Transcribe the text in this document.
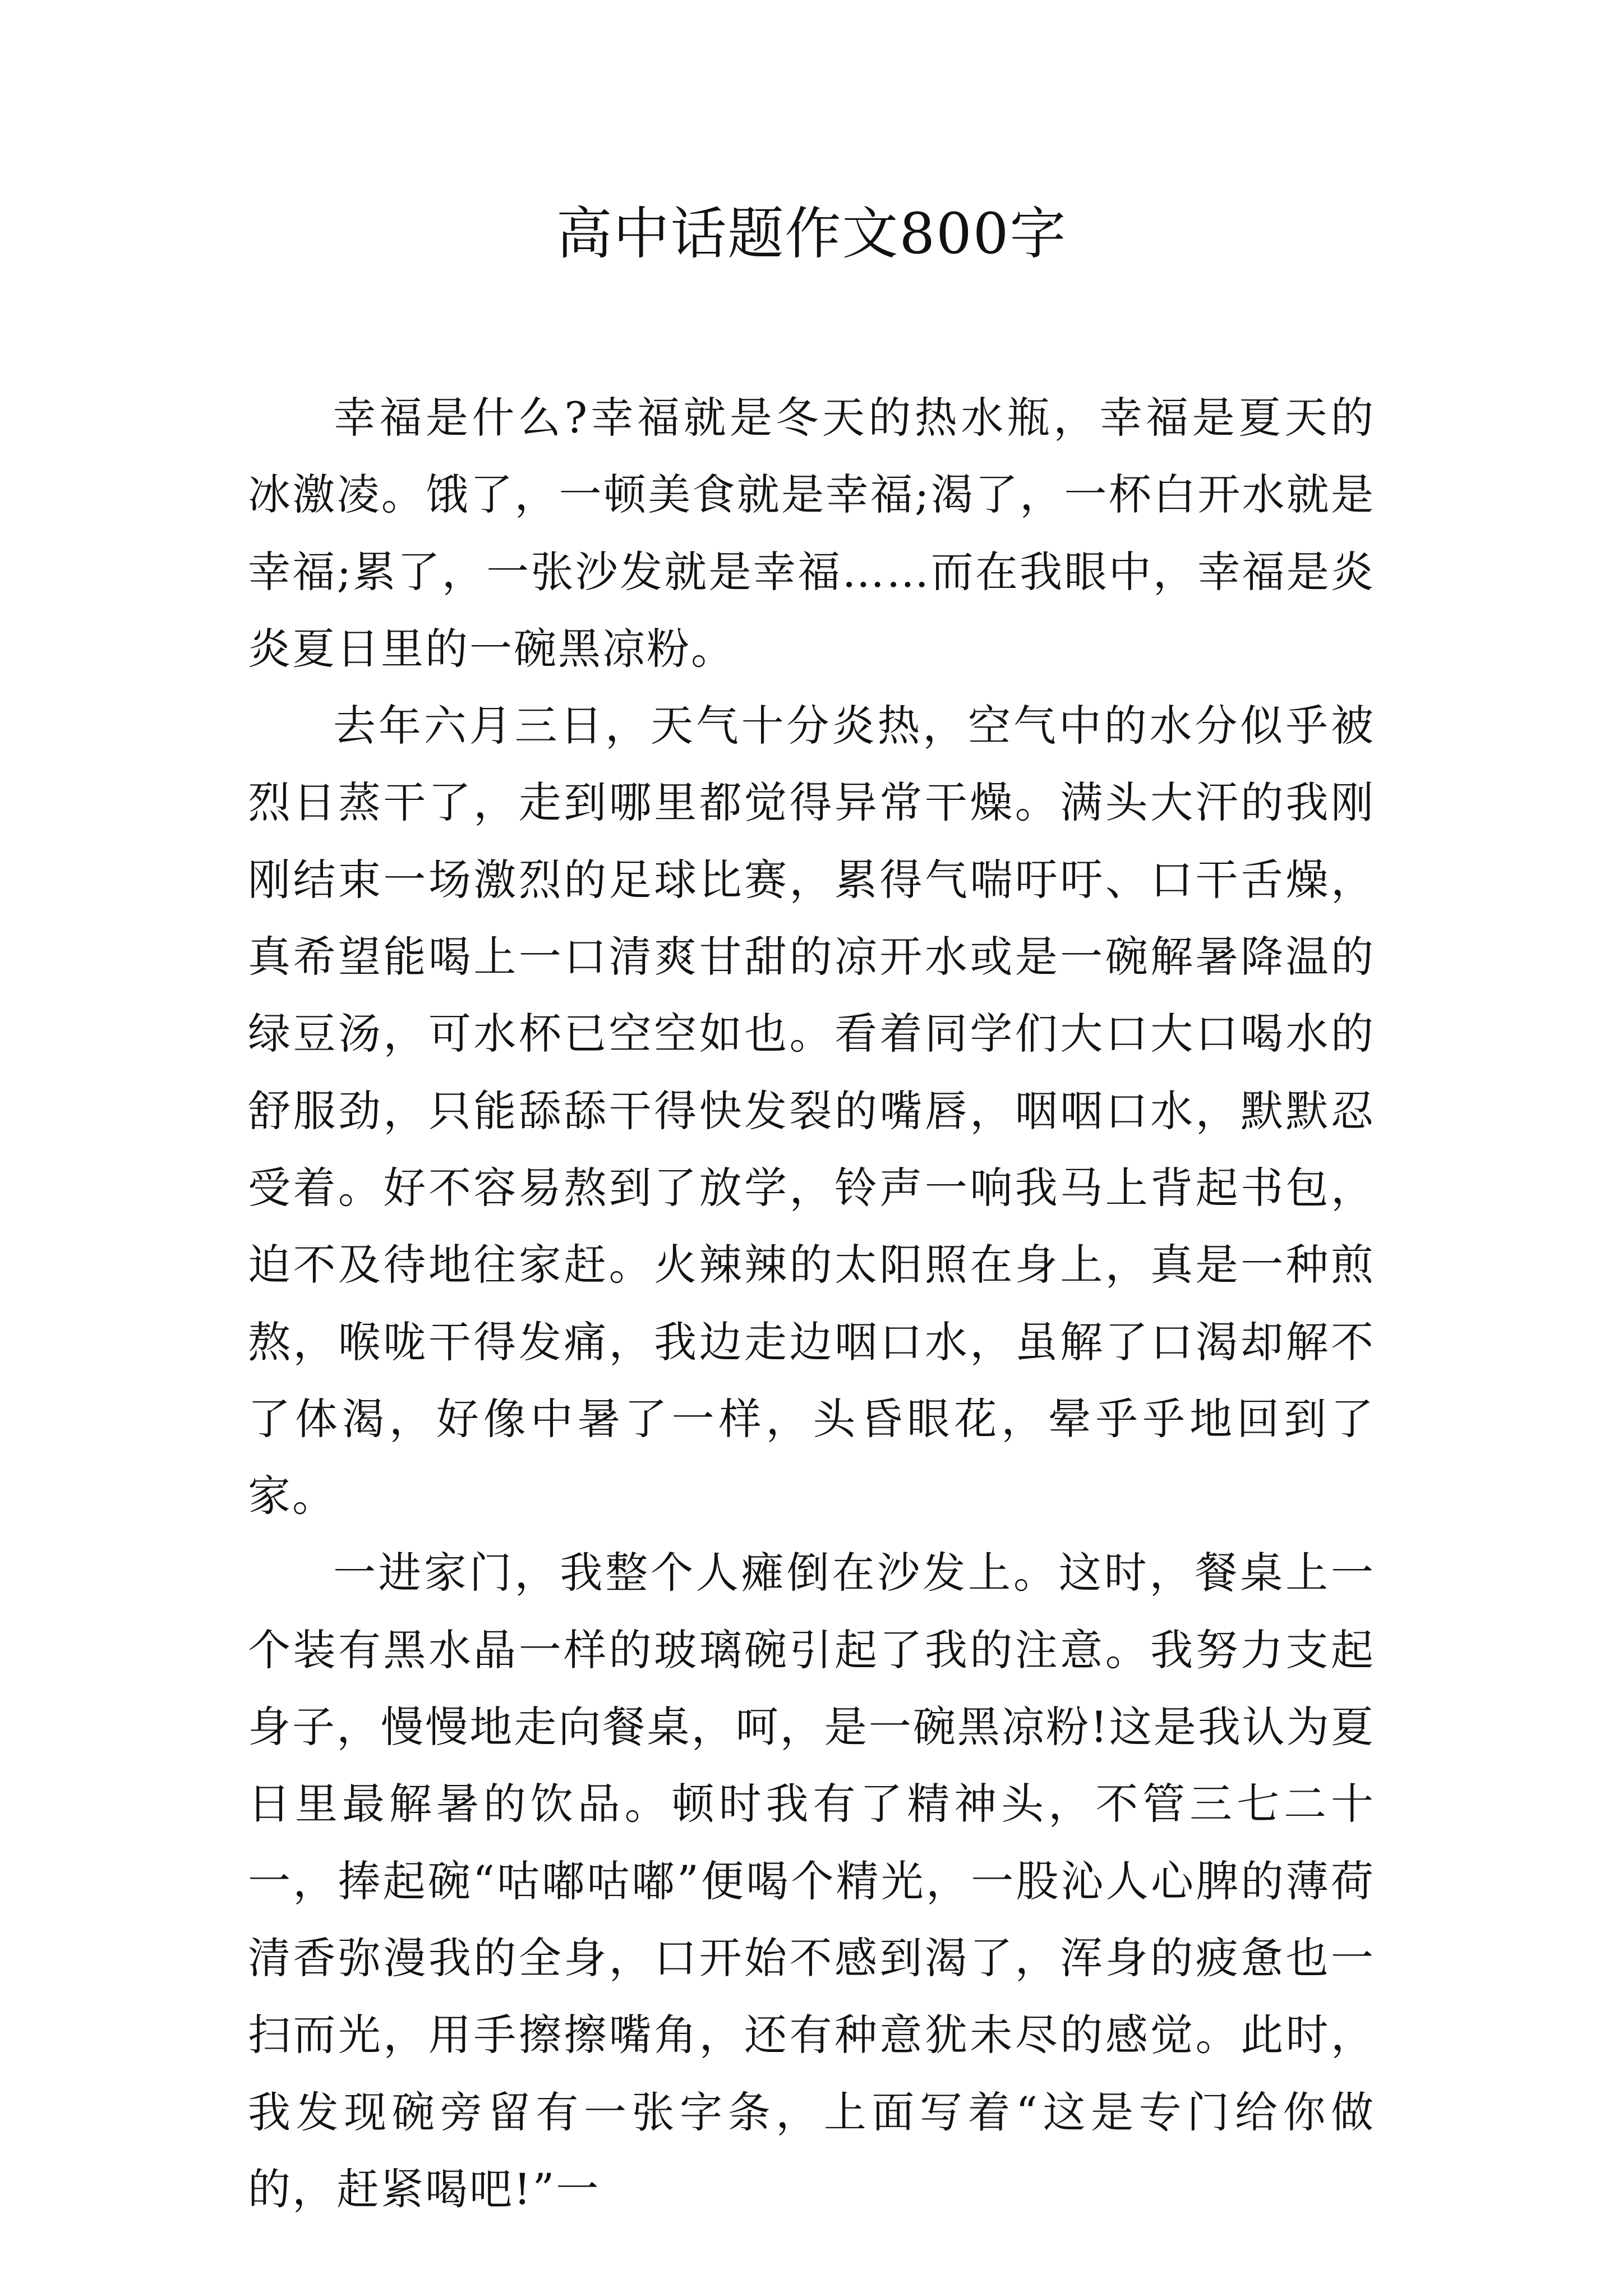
高中话题作文800字

幸福是什么?幸福就是冬天的热水瓶，幸福是夏天的冰激凌。饿了，一顿美食就是幸福;渴了，一杯白开水就是幸福;累了，一张沙发就是幸福……而在我眼中，幸福是炎炎夏日里的一碗黑凉粉。

去年六月三日，天气十分炎热，空气中的水分似乎被烈日蒸干了，走到哪里都觉得异常干燥。满头大汗的我刚刚结束一场激烈的足球比赛，累得气喘吁吁、口干舌燥，真希望能喝上一口清爽甘甜的凉开水或是一碗解暑降温的绿豆汤，可水杯已空空如也。看着同学们大口大口喝水的舒服劲，只能舔舔干得快发裂的嘴唇，咽咽口水，默默忍受着。好不容易熬到了放学，铃声一响我马上背起书包，迫不及待地往家赶。火辣辣的太阳照在身上，真是一种煎熬，喉咙干得发痛，我边走边咽口水，虽解了口渴却解不了体渴，好像中暑了一样，头昏眼花，晕乎乎地回到了家。

一进家门，我整个人瘫倒在沙发上。这时，餐桌上一个装有黑水晶一样的玻璃碗引起了我的注意。我努力支起身子，慢慢地走向餐桌，呵，是一碗黑凉粉!这是我认为夏日里最解暑的饮品。顿时我有了精神头，不管三七二十一，捧起碗“咕嘟咕嘟”便喝个精光，一股沁人心脾的薄荷清香弥漫我的全身，口开始不感到渴了，浑身的疲惫也一扫而光，用手擦擦嘴角，还有种意犹未尽的感觉。此时，我发现碗旁留有一张字条，上面写着“这是专门给你做的，赶紧喝吧!”一
